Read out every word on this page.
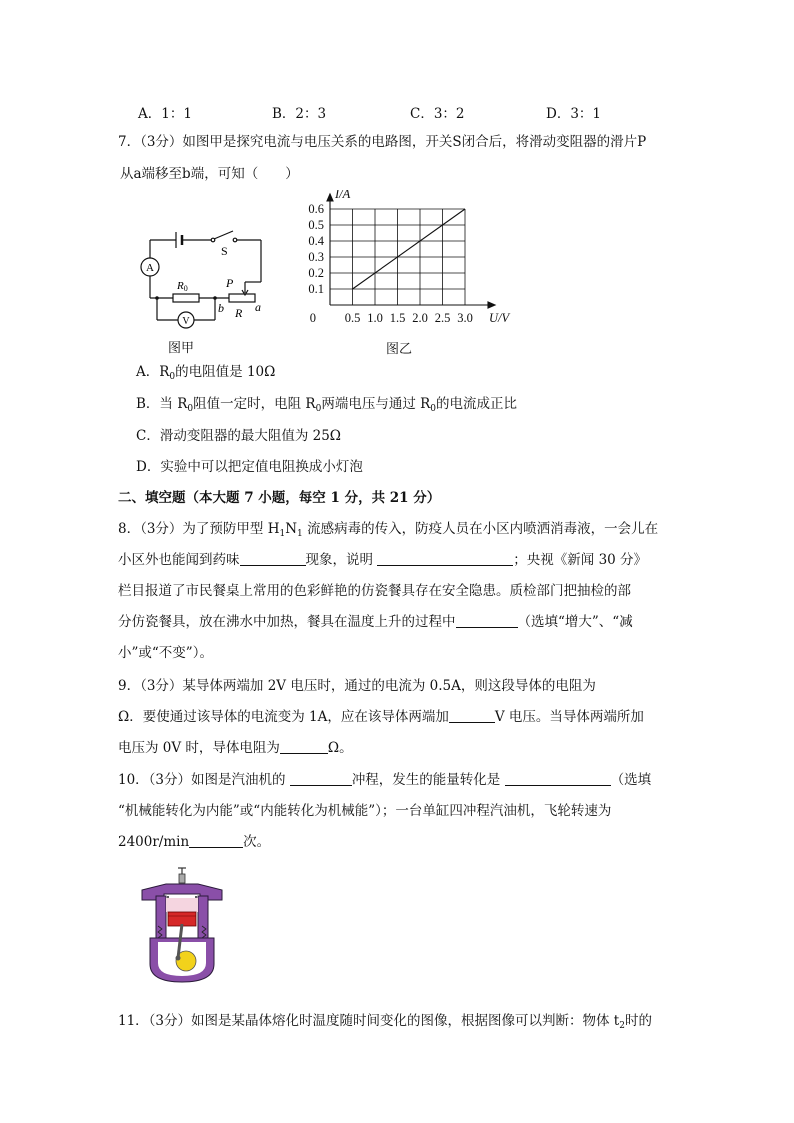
A．1：1	B．2：3	C．3：2	D．3：1
7．（3分）如图甲是探究电流与电压关系的电路图，开关S闭合后，将滑动变阻器的滑片P
从a端移至b端，可知（　　）
A
V
S
R0	P
b R a
图甲
0.5 1.0 1.5 2.0 2.5 3.0
0.1
0.2
0.3
0.4
0.5
0.6
0	U/V
I/A
图乙
A．$R_0$的电阻值是 10Ω
B．当 $R_0$阻值一定时，电阻 $R_0$两端电压与通过 $R_0$的电流成正比
C．滑动变阻器的最大阻值为 25Ω
D．实验中可以把定值电阻换成小灯泡
二、填空题（本大题 7 小题，每空 1 分，共 21 分）
8．（3分）为了预防甲型 $H_1N_1$ 流感病毒的传入，防疫人员在小区内喷洒消毒液，一会儿在
小区外也能闻到药味	现象，说明	；央视《新闻 30 分》
栏目报道了市民餐桌上常用的色彩鲜艳的仿瓷餐具存在安全隐患。质检部门把抽检的部
分仿瓷餐具，放在沸水中加热，餐具在温度上升的过程中	（选填“增大”、“减
小”或“不变”）。
9．（3分）某导体两端加 2V 电压时，通过的电流为 0.5A，则这段导体的电阻为
Ω．要使通过该导体的电流变为 1A，应在该导体两端加	V 电压。当导体两端所加
电压为 0V 时，导体电阻为	Ω。
10．（3分）如图是汽油机的	冲程，发生的能量转化是	（选填
“机械能转化为内能”或“内能转化为机械能”）；一台单缸四冲程汽油机，飞轮转速为
2400r/min	次。
11．（3分）如图是某晶体熔化时温度随时间变化的图像，根据图像可以判断：物体 $t_2$时的
